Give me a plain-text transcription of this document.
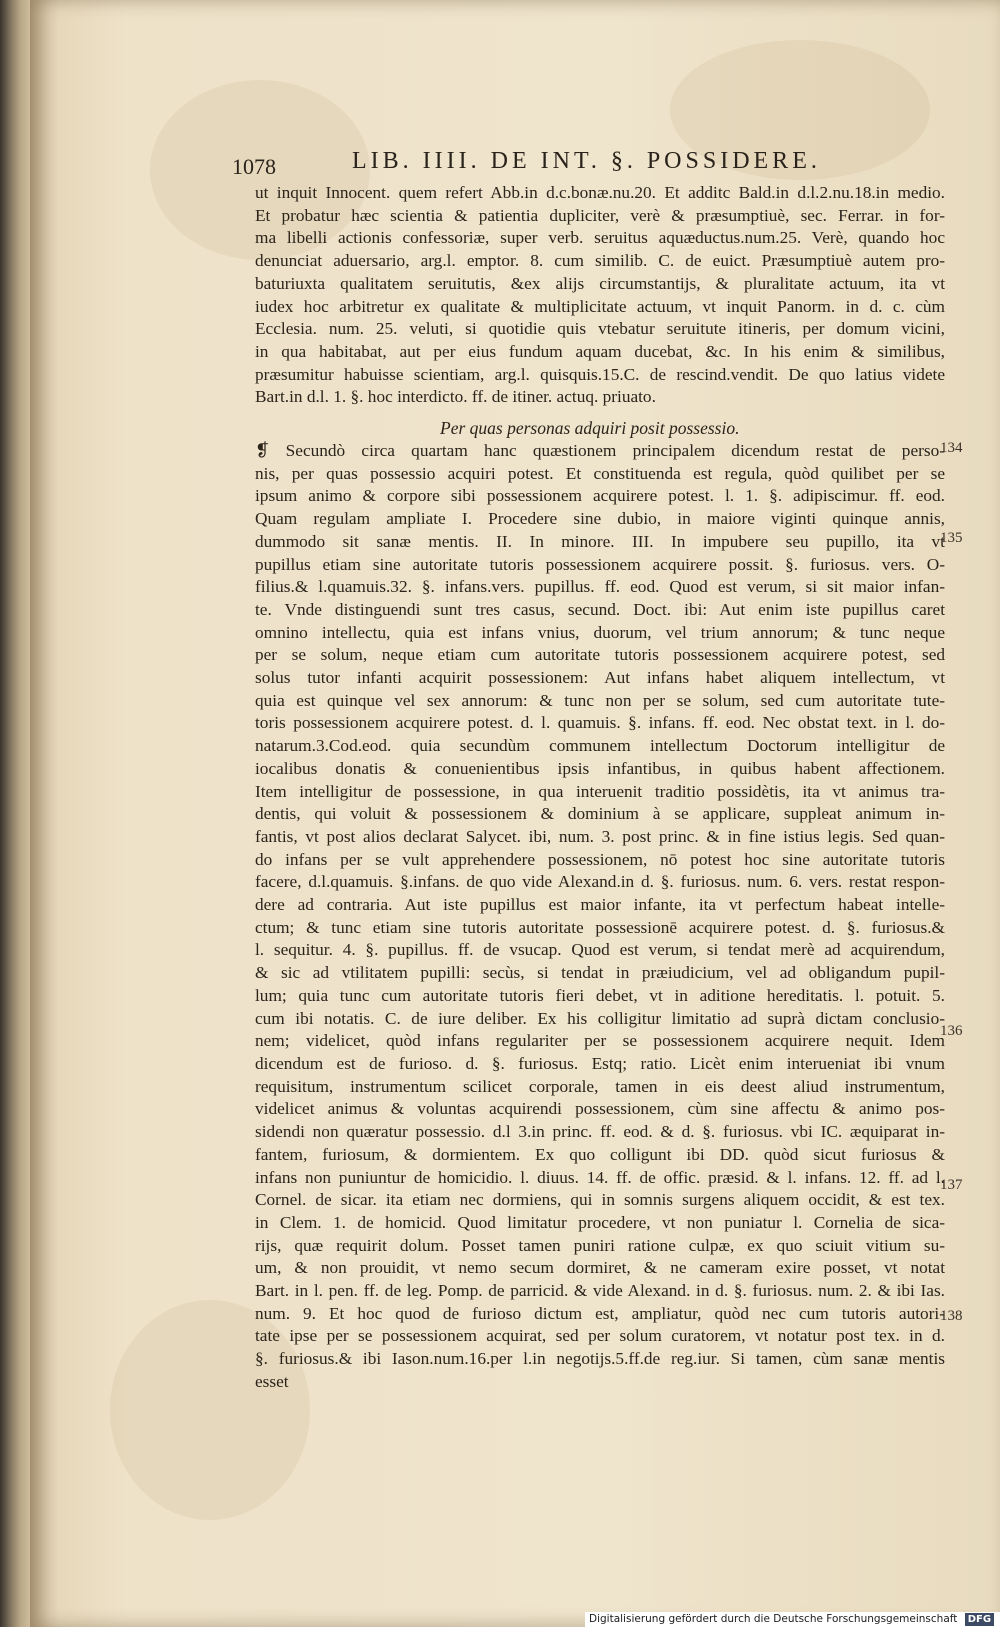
1078	LIB. IIII. DE INT. §. POSSIDERE.
ut inquit Innocent. quem refert Abb.in d.c.bonæ.nu.20. Et additc Bald.in d.l.2.nu.18.in medio.
Et probatur hæc scientia & patientia dupliciter, verè & præsumptiuè, sec. Ferrar. in for-
ma libelli actionis confessoriæ, super verb. seruitus aquæductus.num.25. Verè, quando hoc
denunciat aduersario, arg.l. emptor. 8. cum similib. C. de euict. Præsumptiuè autem pro-
baturiuxta qualitatem seruitutis, &ex alijs circumstantijs, & pluralitate actuum, ita vt
iudex hoc arbitretur ex qualitate & multiplicitate actuum, vt inquit Panorm. in d. c. cùm
Ecclesia. num. 25. veluti, si quotidie quis vtebatur seruitute itineris, per domum vicini,
in qua habitabat, aut per eius fundum aquam ducebat, &c. In his enim & similibus,
præsumitur habuisse scientiam, arg.l. quisquis.15.C. de rescind.vendit. De quo latius videte
Bart.in d.l. 1. §. hoc interdicto. ff. de itiner. actuq. priuato.
Per quas personas adquiri posit possessio.
❡ Secundò circa quartam hanc quæstionem principalem dicendum restat de perso-
nis, per quas possessio acquiri potest. Et constituenda est regula, quòd quilibet per se
ipsum animo & corpore sibi possessionem acquirere potest. l. 1. §. adipiscimur. ff. eod.
Quam regulam ampliate I. Procedere sine dubio, in maiore viginti quinque annis,
dummodo sit sanæ mentis. II. In minore. III. In impubere seu pupillo, ita vt
pupillus etiam sine autoritate tutoris possessionem acquirere possit. §. furiosus. vers. O-
filius.& l.quamuis.32. §. infans.vers. pupillus. ff. eod. Quod est verum, si sit maior infan-
te. Vnde distinguendi sunt tres casus, secund. Doct. ibi: Aut enim iste pupillus caret
omnino intellectu, quia est infans vnius, duorum, vel trium annorum; & tunc neque
per se solum, neque etiam cum autoritate tutoris possessionem acquirere potest, sed
solus tutor infanti acquirit possessionem: Aut infans habet aliquem intellectum, vt
quia est quinque vel sex annorum: & tunc non per se solum, sed cum autoritate tute-
toris possessionem acquirere potest. d. l. quamuis. §. infans. ff. eod. Nec obstat text. in l. do-
natarum.3.Cod.eod. quia secundùm communem intellectum Doctorum intelligitur de
iocalibus donatis & conuenientibus ipsis infantibus, in quibus habent affectionem.
Item intelligitur de possessione, in qua interuenit traditio possidètis, ita vt animus tra-
dentis, qui voluit & possessionem & dominium à se applicare, suppleat animum in-
fantis, vt post alios declarat Salycet. ibi, num. 3. post princ. & in fine istius legis. Sed quan-
do infans per se vult apprehendere possessionem, nō potest hoc sine autoritate tutoris
facere, d.l.quamuis. §.infans. de quo vide Alexand.in d. §. furiosus. num. 6. vers. restat respon-
dere ad contraria. Aut iste pupillus est maior infante, ita vt perfectum habeat intelle-
ctum; & tunc etiam sine tutoris autoritate possessionē acquirere potest. d. §. furiosus.&
l. sequitur. 4. §. pupillus. ff. de vsucap. Quod est verum, si tendat merè ad acquirendum,
& sic ad vtilitatem pupilli: secùs, si tendat in præiudicium, vel ad obligandum pupil-
lum; quia tunc cum autoritate tutoris fieri debet, vt in aditione hereditatis. l. potuit. 5.
cum ibi notatis. C. de iure deliber. Ex his colligitur limitatio ad suprà dictam conclusio-
nem; videlicet, quòd infans regulariter per se possessionem acquirere nequit. Idem
dicendum est de furioso. d. §. furiosus. Estq; ratio. Licèt enim interueniat ibi vnum
requisitum, instrumentum scilicet corporale, tamen in eis deest aliud instrumentum,
videlicet animus & voluntas acquirendi possessionem, cùm sine affectu & animo pos-
sidendi non quæratur possessio. d.l 3.in princ. ff. eod. & d. §. furiosus. vbi IC. æquiparat in-
fantem, furiosum, & dormientem. Ex quo colligunt ibi DD. quòd sicut furiosus &
infans non puniuntur de homicidio. l. diuus. 14. ff. de offic. præsid. & l. infans. 12. ff. ad l.
Cornel. de sicar. ita etiam nec dormiens, qui in somnis surgens aliquem occidit, & est tex.
in Clem. 1. de homicid. Quod limitatur procedere, vt non puniatur l. Cornelia de sica-
rijs, quæ requirit dolum. Posset tamen puniri ratione culpæ, ex quo sciuit vitium su-
um, & non prouidit, vt nemo secum dormiret, & ne cameram exire posset, vt notat
Bart. in l. pen. ff. de leg. Pomp. de parricid. & vide Alexand. in d. §. furiosus. num. 2. & ibi Ias.
num. 9. Et hoc quod de furioso dictum est, ampliatur, quòd nec cum tutoris autori-
tate ipse per se possessionem acquirat, sed per solum curatorem, vt notatur post tex. in d.
§. furiosus.& ibi Iason.num.16.per l.in negotijs.5.ff.de reg.iur. Si tamen, cùm sanæ mentis
esset
134
135
136
137
138
Digitalisierung gefördert durch die Deutsche Forschungsgemeinschaft DFG
